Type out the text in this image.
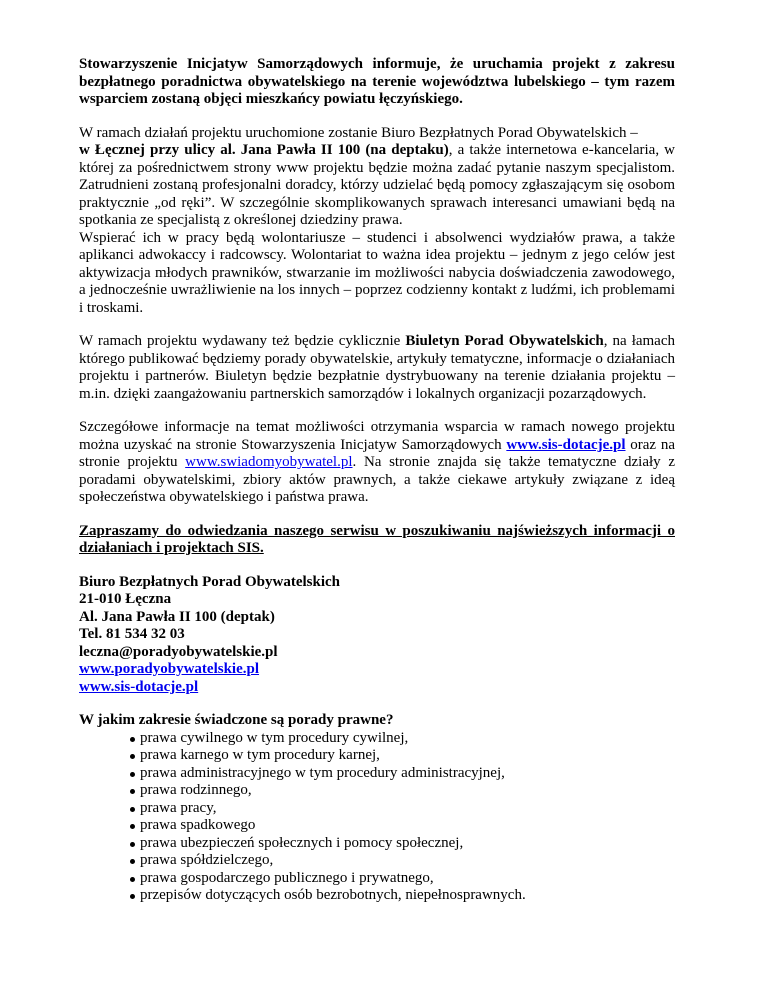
Stowarzyszenie Inicjatyw Samorządowych informuje, że uruchamia projekt z zakresu bezpłatnego poradnictwa obywatelskiego na terenie województwa lubelskiego – tym razem wsparciem zostaną objęci mieszkańcy powiatu łęczyńskiego.

W ramach działań projektu uruchomione zostanie Biuro Bezpłatnych Porad Obywatelskich –
w Łęcznej przy ulicy al. Jana Pawła II 100 (na deptaku), a także internetowa e-kancelaria, w której za pośrednictwem strony www projektu będzie można zadać pytanie naszym specjalistom. Zatrudnieni zostaną profesjonalni doradcy, którzy udzielać będą pomocy zgłaszającym się osobom praktycznie „od ręki”. W szczególnie skomplikowanych sprawach interesanci umawiani będą na spotkania ze specjalistą z określonej dziedziny prawa.
Wspierać ich w pracy będą wolontariusze – studenci i absolwenci wydziałów prawa, a także aplikanci adwokaccy i radcowscy. Wolontariat to ważna idea projektu – jednym z jego celów jest aktywizacja młodych prawników, stwarzanie im możliwości nabycia doświadczenia zawodowego, a jednocześnie uwrażliwienie na los innych – poprzez codzienny kontakt z ludźmi, ich problemami i troskami.

W ramach projektu wydawany też będzie cyklicznie Biuletyn Porad Obywatelskich, na łamach którego publikować będziemy porady obywatelskie, artykuły tematyczne, informacje o działaniach projektu i partnerów. Biuletyn będzie bezpłatnie dystrybuowany na terenie działania projektu – m.in. dzięki zaangażowaniu partnerskich samorządów i lokalnych organizacji pozarządowych.

Szczegółowe informacje na temat możliwości otrzymania wsparcia w ramach nowego projektu można uzyskać na stronie Stowarzyszenia Inicjatyw Samorządowych www.sis-dotacje.pl oraz na stronie projektu www.swiadomyobywatel.pl. Na stronie znajda się także tematyczne działy z poradami obywatelskimi, zbiory aktów prawnych, a także ciekawe artykuły związane z ideą społeczeństwa obywatelskiego i państwa prawa.

Zapraszamy do odwiedzania naszego serwisu w poszukiwaniu najświeższych informacji o działaniach i projektach SIS.

Biuro Bezpłatnych Porad Obywatelskich
21-010 Łęczna
Al. Jana Pawła II 100 (deptak)
Tel. 81 534 32 03
leczna@poradyobywatelskie.pl
www.poradyobywatelskie.pl
www.sis-dotacje.pl
W jakim zakresie świadczone są porady prawne?
prawa cywilnego w tym procedury cywilnej,
prawa karnego w tym procedury karnej,
prawa administracyjnego w tym procedury administracyjnej,
prawa rodzinnego,
prawa pracy,
prawa spadkowego
prawa ubezpieczeń społecznych i pomocy społecznej,
prawa spółdzielczego,
prawa gospodarczego publicznego i prywatnego,
przepisów dotyczących osób bezrobotnych, niepełnosprawnych.
